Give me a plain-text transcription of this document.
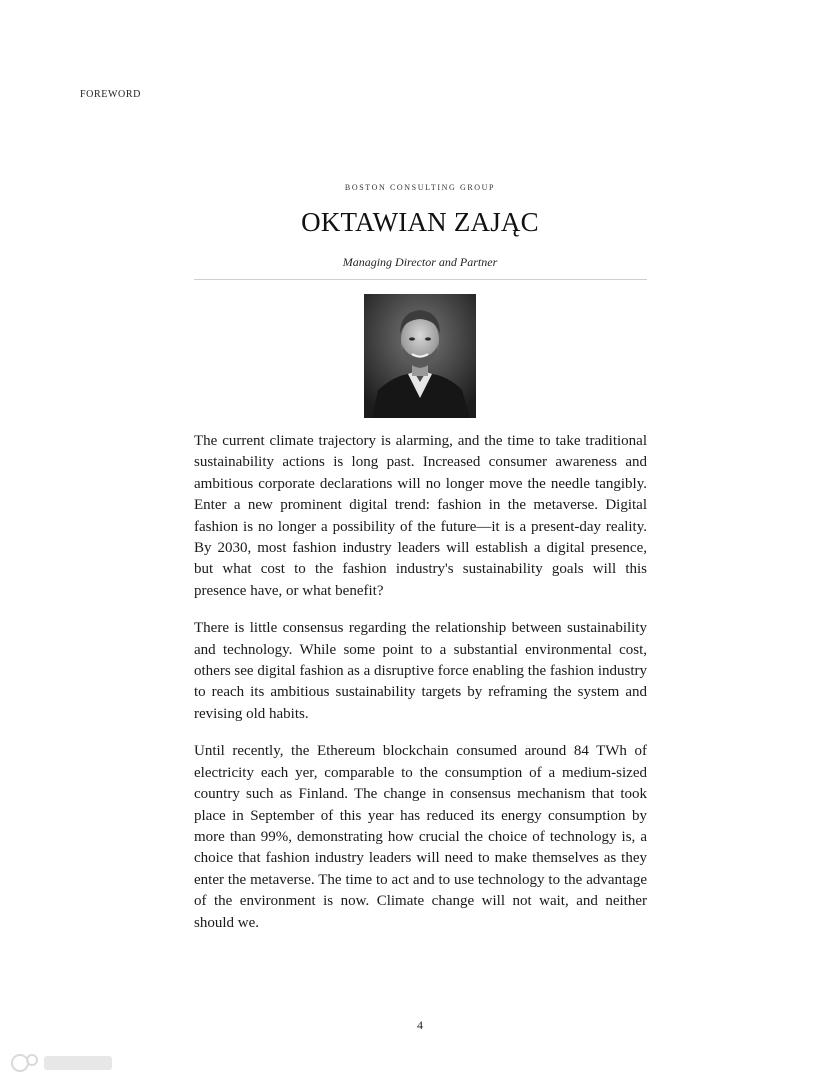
FOREWORD
BOSTON CONSULTING GROUP
OKTAWIAN ZAJĄC
Managing Director and Partner

The current climate trajectory is alarming, and the time to take traditional sustainability actions is long past. Increased consumer awareness and ambitious corporate declarations will no longer move the needle tangibly. Enter a new prominent digital trend: fashion in the metaverse. Digital fashion is no longer a possibility of the future—it is a present-day reality. By 2030, most fashion industry leaders will establish a digital presence, but what cost to the fashion industry's sustainability goals will this presence have, or what benefit?

There is little consensus regarding the relationship between sustainability and technology. While some point to a substantial environmental cost, others see digital fashion as a disruptive force enabling the fashion industry to reach its ambitious sustainability targets by reframing the system and revising old habits.

Until recently, the Ethereum blockchain consumed around 84 TWh of electricity each yer, comparable to the consumption of a medium-sized country such as Finland. The change in consensus mechanism that took place in September of this year has reduced its energy consumption by more than 99%, demonstrating how crucial the choice of technology is, a choice that fashion industry leaders will need to make themselves as they enter the metaverse. The time to act and to use technology to the advantage of the environment is now. Climate change will not wait, and neither should we.

4
